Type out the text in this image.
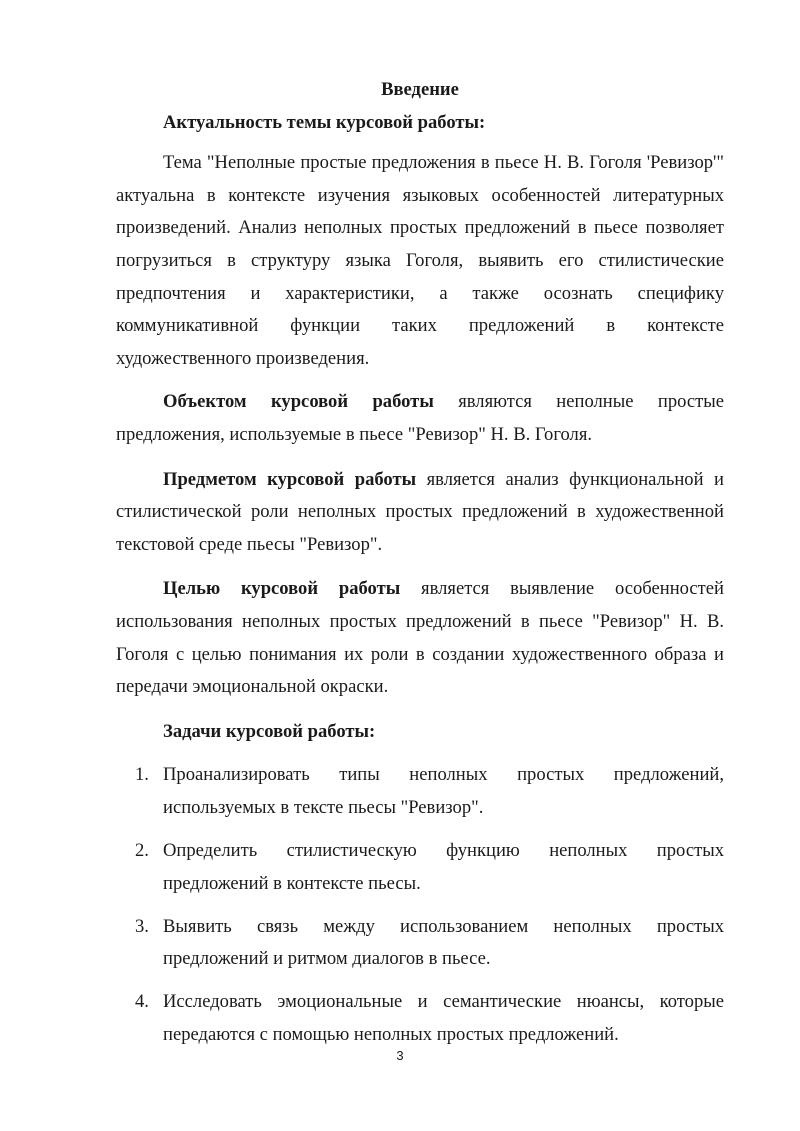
Введение

Актуальность темы курсовой работы:

Тема "Неполные простые предложения в пьесе Н. В. Гоголя 'Ревизор'" актуальна в контексте изучения языковых особенностей литературных произведений. Анализ неполных простых предложений в пьесе позволяет погрузиться в структуру языка Гоголя, выявить его стилистические предпочтения и характеристики, а также осознать специфику коммуникативной функции таких предложений в контексте художественного произведения.

Объектом курсовой работы являются неполные простые предложения, используемые в пьесе "Ревизор" Н. В. Гоголя.

Предметом курсовой работы является анализ функциональной и стилистической роли неполных простых предложений в художественной текстовой среде пьесы "Ревизор".

Целью курсовой работы является выявление особенностей использования неполных простых предложений в пьесе "Ревизор" Н. В. Гоголя с целью понимания их роли в создании художественного образа и передачи эмоциональной окраски.

Задачи курсовой работы:

1. Проанализировать типы неполных простых предложений, используемых в тексте пьесы "Ревизор".
2. Определить стилистическую функцию неполных простых предложений в контексте пьесы.
3. Выявить связь между использованием неполных простых предложений и ритмом диалогов в пьесе.
4. Исследовать эмоциональные и семантические нюансы, которые передаются с помощью неполных простых предложений.
3
